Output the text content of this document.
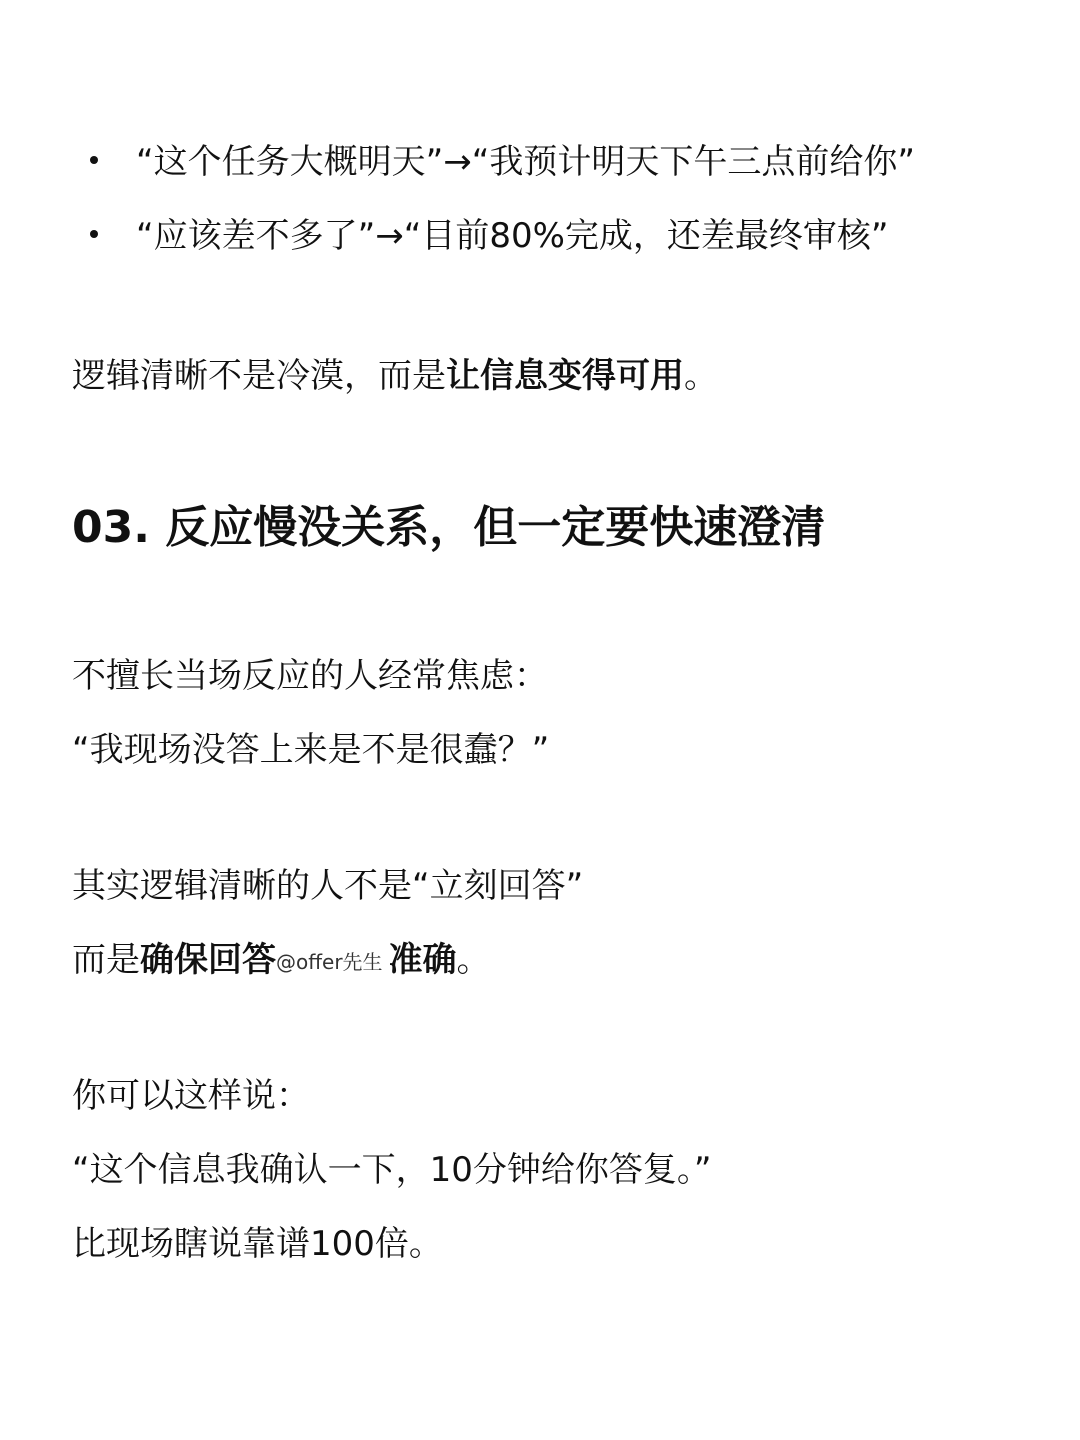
“这个任务大概明天”→“我预计明天下午三点前给你”
“应该差不多了”→“目前80%完成，还差最终审核”
逻辑清晰不是冷漠，而是让信息变得可用。
03. 反应慢没关系，但一定要快速澄清
不擅长当场反应的人经常焦虑：
“我现场没答上来是不是很蠢？”
其实逻辑清晰的人不是“立刻回答”
而是确保回答@offer先生 准确。
你可以这样说：
“这个信息我确认一下，10分钟给你答复。”
比现场瞎说靠谱100倍。
